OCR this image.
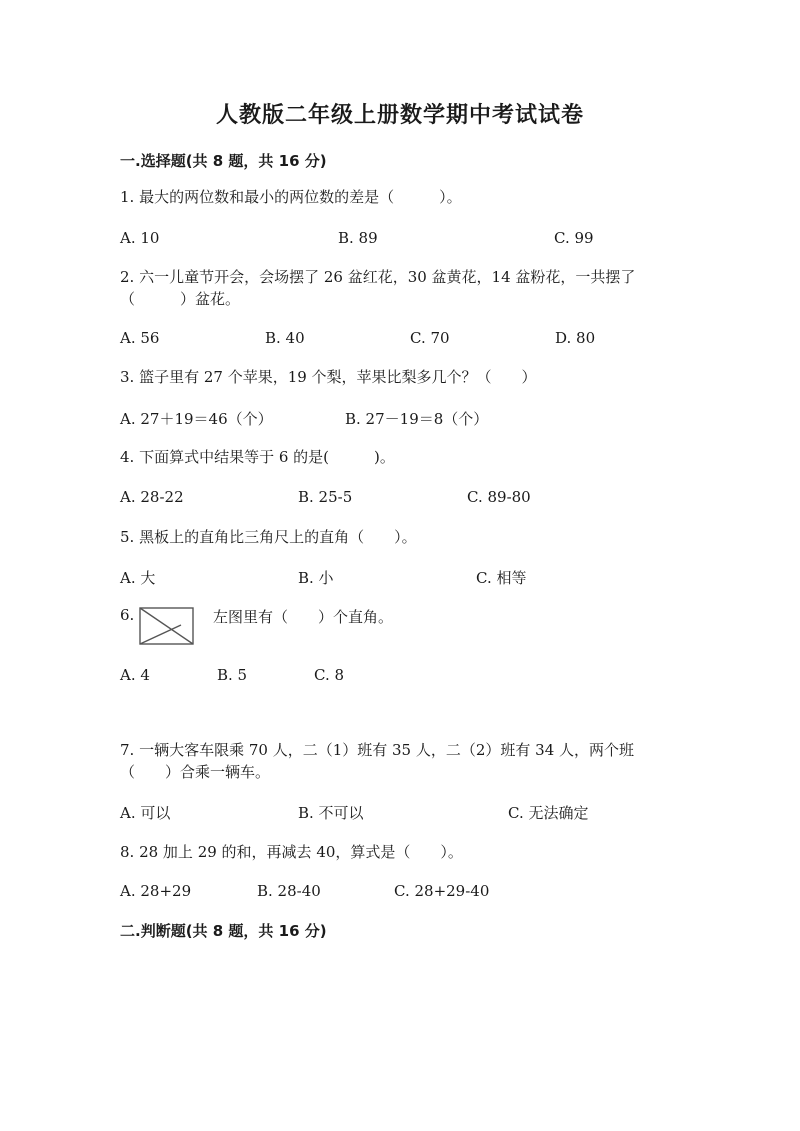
人教版二年级上册数学期中考试试卷
一.选择题(共 8 题，共 16 分)
1. 最大的两位数和最小的两位数的差是（　　　）。
A. 10	B. 89	C. 99
2. 六一儿童节开会，会场摆了 26 盆红花，30 盆黄花，14 盆粉花，一共摆了
（　　　）盆花。
A. 56	B. 40	C. 70	D. 80
3. 篮子里有 27 个苹果，19 个梨，苹果比梨多几个？（　　）
A. 27＋19＝46（个）	B. 27－19＝8（个）
4. 下面算式中结果等于 6 的是(　　　)。
A. 28-22	B. 25-5	C. 89-80
5. 黑板上的直角比三角尺上的直角（　　）。
A. 大	B. 小	C. 相等
6.	左图里有（　　）个直角。
A. 4	B. 5	C. 8
7. 一辆大客车限乘 70 人，二（1）班有 35 人，二（2）班有 34 人，两个班
（　　）合乘一辆车。
A. 可以	B. 不可以	C. 无法确定
8. 28 加上 29 的和，再减去 40，算式是（　　）。
A. 28+29	B. 28-40	C. 28+29-40
二.判断题(共 8 题，共 16 分)
